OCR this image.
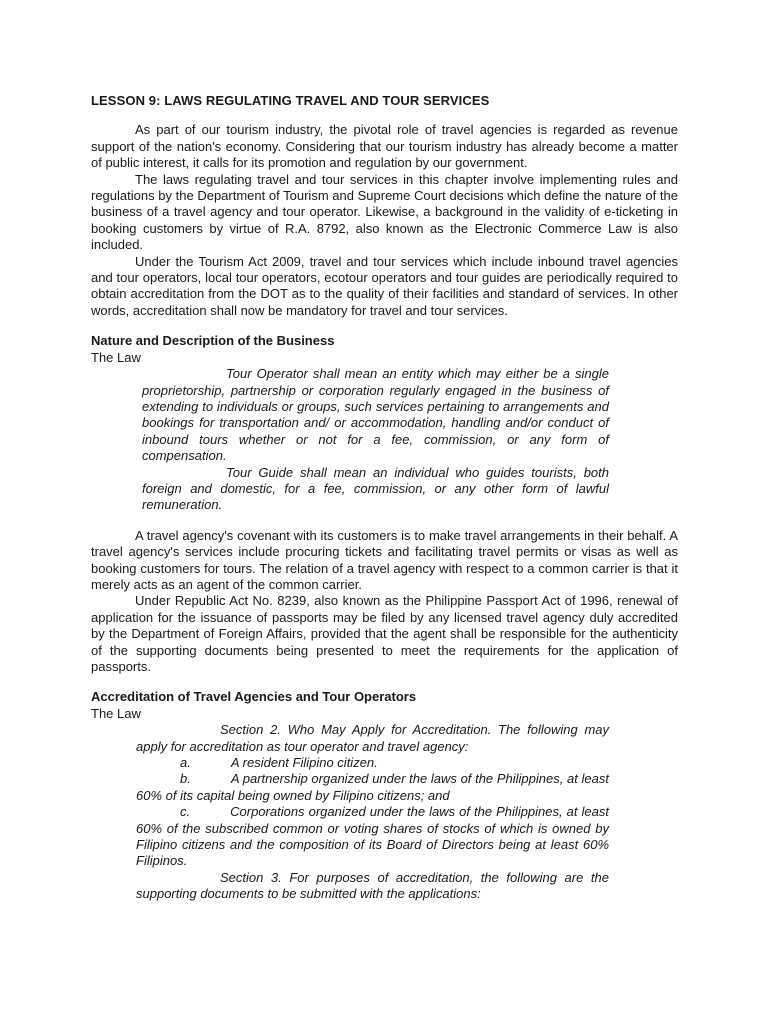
LESSON 9: LAWS REGULATING TRAVEL AND TOUR SERVICES

As part of our tourism industry, the pivotal role of travel agencies is regarded as revenue support of the nation's economy. Considering that our tourism industry has already become a matter of public interest, it calls for its promotion and regulation by our government.

The laws regulating travel and tour services in this chapter involve implementing rules and regulations by the Department of Tourism and Supreme Court decisions which define the nature of the business of a travel agency and tour operator. Likewise, a background in the validity of e-ticketing in booking customers by virtue of R.A. 8792, also known as the Electronic Commerce Law is also included.

Under the Tourism Act 2009, travel and tour services which include inbound travel agencies and tour operators, local tour operators, ecotour operators and tour guides are periodically required to obtain accreditation from the DOT as to the quality of their facilities and standard of services. In other words, accreditation shall now be mandatory for travel and tour services.

Nature and Description of the Business

The Law

Tour Operator shall mean an entity which may either be a single proprietorship, partnership or corporation regularly engaged in the business of extending to individuals or groups, such services pertaining to arrangements and bookings for transportation and/ or accommodation, handling and/or conduct of inbound tours whether or not for a fee, commission, or any form of compensation.

Tour Guide shall mean an individual who guides tourists, both foreign and domestic, for a fee, commission, or any other form of lawful remuneration.

A travel agency's covenant with its customers is to make travel arrangements in their behalf. A travel agency's services include procuring tickets and facilitating travel permits or visas as well as booking customers for tours. The relation of a travel agency with respect to a common carrier is that it merely acts as an agent of the common carrier.

Under Republic Act No. 8239, also known as the Philippine Passport Act of 1996, renewal of application for the issuance of passports may be filed by any licensed travel agency duly accredited by the Department of Foreign Affairs, provided that the agent shall be responsible for the authenticity of the supporting documents being presented to meet the requirements for the application of passports.

Accreditation of Travel Agencies and Tour Operators

The Law

Section 2. Who May Apply for Accreditation. The following may apply for accreditation as tour operator and travel agency:

a.	A resident Filipino citizen.

b.	A partnership organized under the laws of the Philippines, at least 60% of its capital being owned by Filipino citizens; and

c.	Corporations organized under the laws of the Philippines, at least 60% of the subscribed common or voting shares of stocks of which is owned by Filipino citizens and the composition of its Board of Directors being at least 60% Filipinos.

Section 3. For purposes of accreditation, the following are the supporting documents to be submitted with the applications:
